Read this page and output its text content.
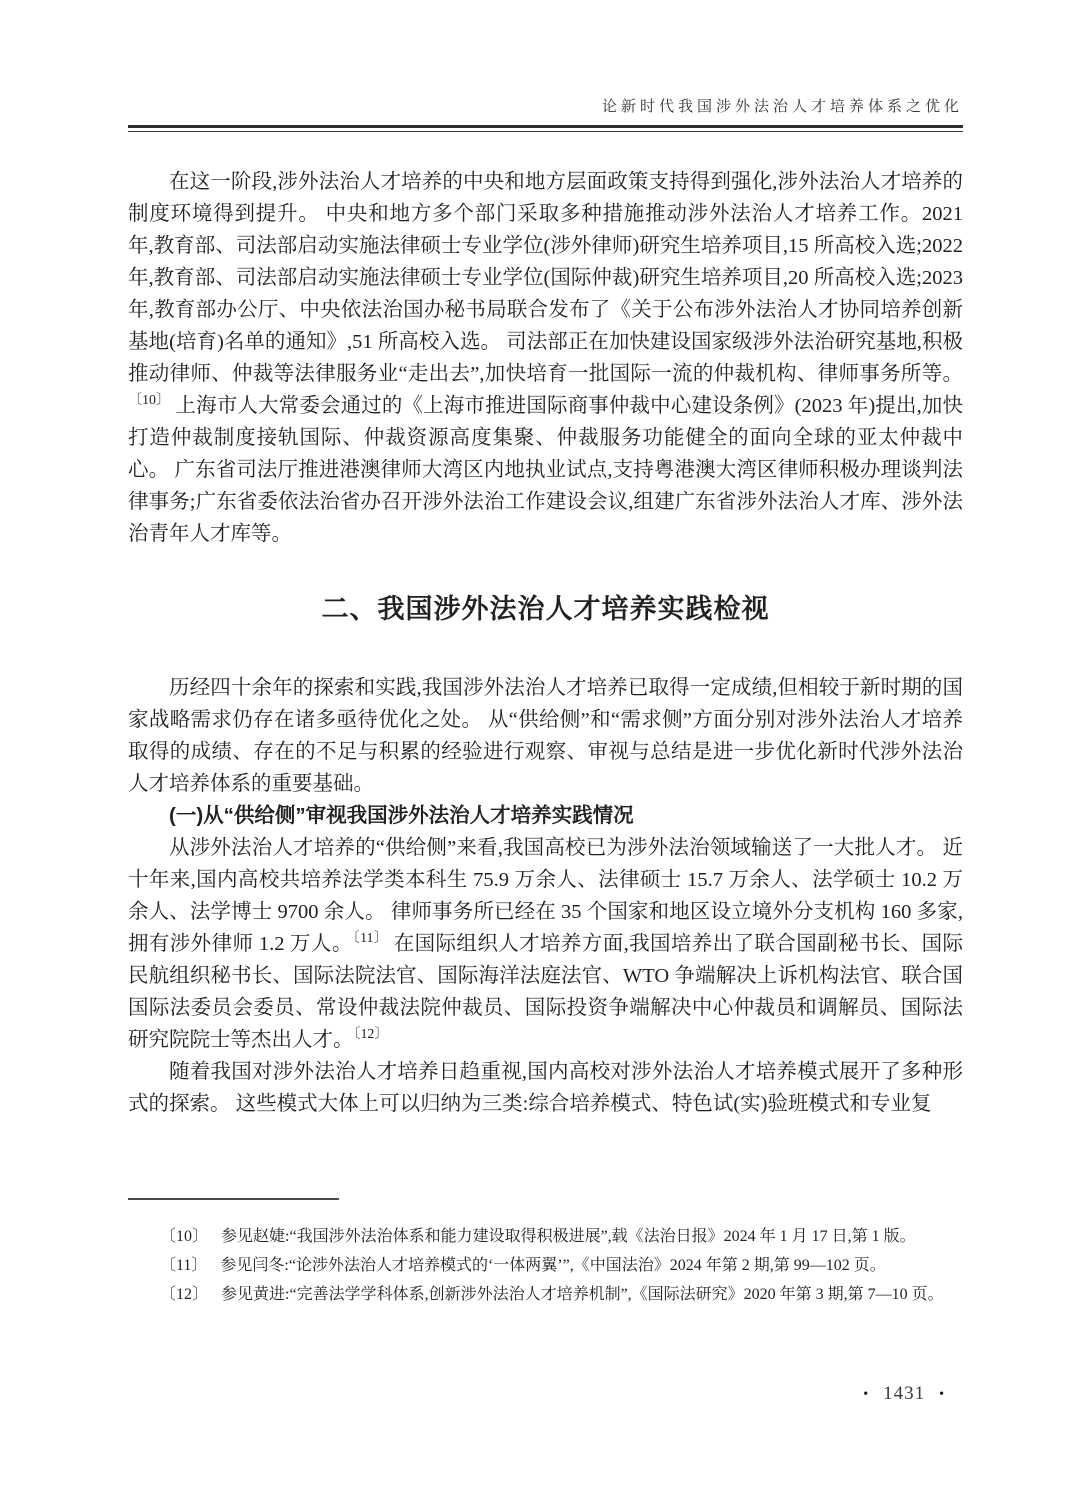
论新时代我国涉外法治人才培养体系之优化

在这一阶段,涉外法治人才培养的中央和地方层面政策支持得到强化,涉外法治人才培养的制度环境得到提升。 中央和地方多个部门采取多种措施推动涉外法治人才培养工作。2021 年,教育部、司法部启动实施法律硕士专业学位(涉外律师)研究生培养项目,15 所高校入选;2022 年,教育部、司法部启动实施法律硕士专业学位(国际仲裁)研究生培养项目,20 所高校入选;2023 年,教育部办公厅、中央依法治国办秘书局联合发布了《关于公布涉外法治人才协同培养创新基地(培育)名单的通知》,51 所高校入选。 司法部正在加快建设国家级涉外法治研究基地,积极推动律师、仲裁等法律服务业“走出去”,加快培育一批国际一流的仲裁机构、律师事务所等。$^{〔10〕}$ 上海市人大常委会通过的《上海市推进国际商事仲裁中心建设条例》(2023 年)提出,加快打造仲裁制度接轨国际、仲裁资源高度集聚、仲裁服务功能健全的面向全球的亚太仲裁中心。 广东省司法厅推进港澳律师大湾区内地执业试点,支持粤港澳大湾区律师积极办理谈判法律事务;广东省委依法治省办召开涉外法治工作建设会议,组建广东省涉外法治人才库、涉外法治青年人才库等。

二、我国涉外法治人才培养实践检视

历经四十余年的探索和实践,我国涉外法治人才培养已取得一定成绩,但相较于新时期的国家战略需求仍存在诸多亟待优化之处。 从“供给侧”和“需求侧”方面分别对涉外法治人才培养取得的成绩、存在的不足与积累的经验进行观察、审视与总结是进一步优化新时代涉外法治人才培养体系的重要基础。

(一)从“供给侧”审视我国涉外法治人才培养实践情况

从涉外法治人才培养的“供给侧”来看,我国高校已为涉外法治领域输送了一大批人才。 近十年来,国内高校共培养法学类本科生 75.9 万余人、法律硕士 15.7 万余人、法学硕士 10.2 万余人、法学博士 9700 余人。 律师事务所已经在 35 个国家和地区设立境外分支机构 160 多家,拥有涉外律师 1.2 万人。$^{〔11〕}$ 在国际组织人才培养方面,我国培养出了联合国副秘书长、国际民航组织秘书长、国际法院法官、国际海洋法庭法官、WTO 争端解决上诉机构法官、联合国国际法委员会委员、常设仲裁法院仲裁员、国际投资争端解决中心仲裁员和调解员、国际法研究院院士等杰出人才。$^{〔12〕}$

随着我国对涉外法治人才培养日趋重视,国内高校对涉外法治人才培养模式展开了多种形式的探索。 这些模式大体上可以归纳为三类:综合培养模式、特色试(实)验班模式和专业复

〔10〕 参见赵婕:“我国涉外法治体系和能力建设取得积极进展”,载《法治日报》2024 年 1 月 17 日,第 1 版。

〔11〕 参见闫冬:“论涉外法治人才培养模式的‘一体两翼’”,《中国法治》2024 年第 2 期,第 99—102 页。

〔12〕 参见黄进:“完善法学学科体系,创新涉外法治人才培养机制”,《国际法研究》2020 年第 3 期,第 7—10 页。

• 1431 •
